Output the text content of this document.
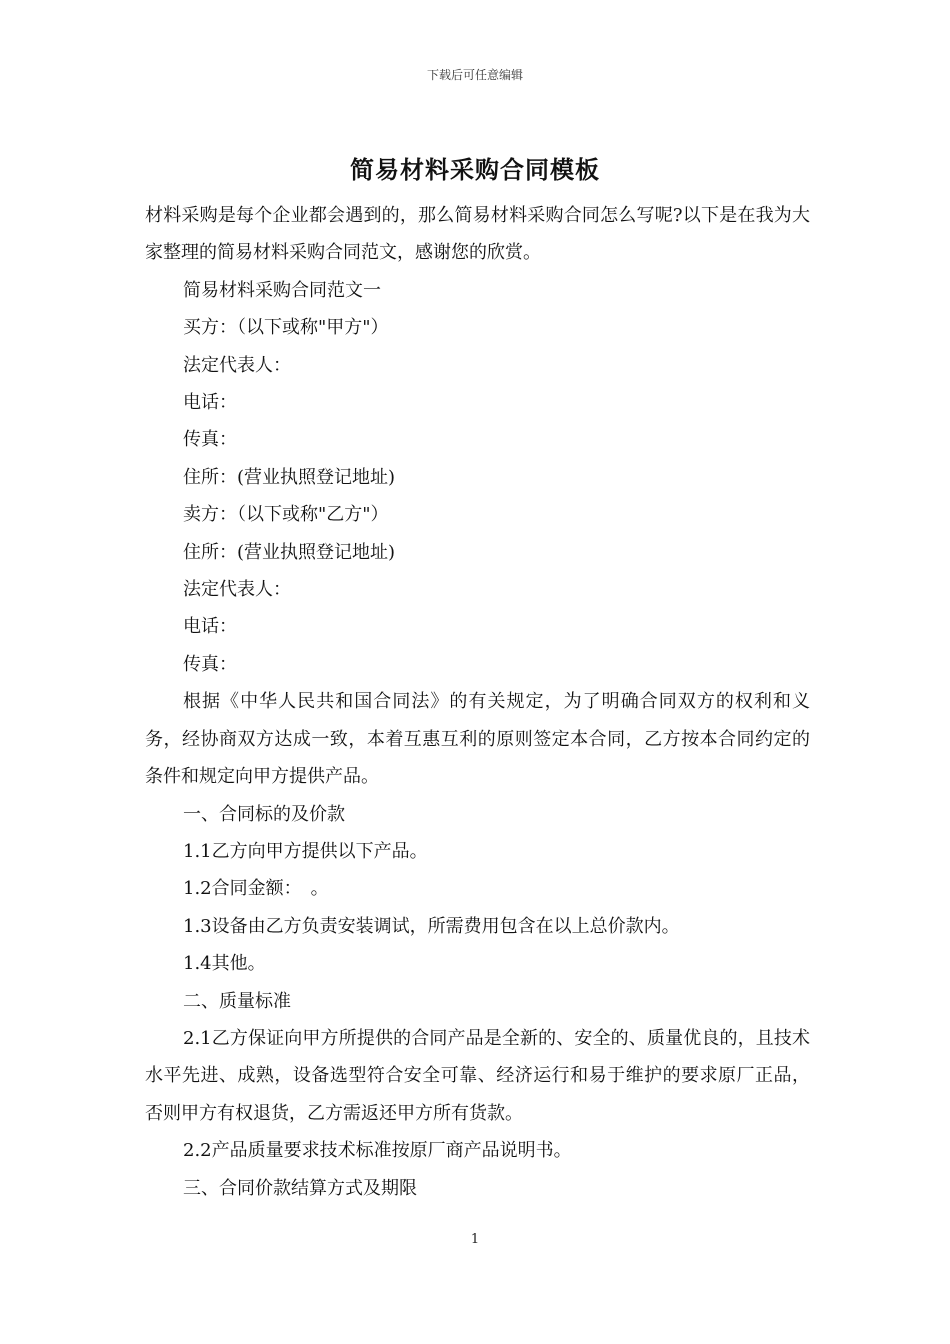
下载后可任意编辑
简易材料采购合同模板

材料采购是每个企业都会遇到的，那么简易材料采购合同怎么写呢?以下是在我为大家整理的简易材料采购合同范文，感谢您的欣赏。

简易材料采购合同范文一

买方：（以下或称"甲方"）

法定代表人：

电话：

传真：

住所：(营业执照登记地址)

卖方：（以下或称"乙方"）

住所：(营业执照登记地址)

法定代表人：

电话：

传真：

根据《中华人民共和国合同法》的有关规定，为了明确合同双方的权利和义务，经协商双方达成一致，本着互惠互利的原则签定本合同，乙方按本合同约定的条件和规定向甲方提供产品。

一、合同标的及价款

1.1乙方向甲方提供以下产品。

1.2合同金额：　。

1.3设备由乙方负责安装调试，所需费用包含在以上总价款内。

1.4其他。

二、质量标准

2.1乙方保证向甲方所提供的合同产品是全新的、安全的、质量优良的，且技术水平先进、成熟，设备选型符合安全可靠、经济运行和易于维护的要求原厂正品，否则甲方有权退货，乙方需返还甲方所有货款。

2.2产品质量要求技术标准按原厂商产品说明书。

三、合同价款结算方式及期限

1
